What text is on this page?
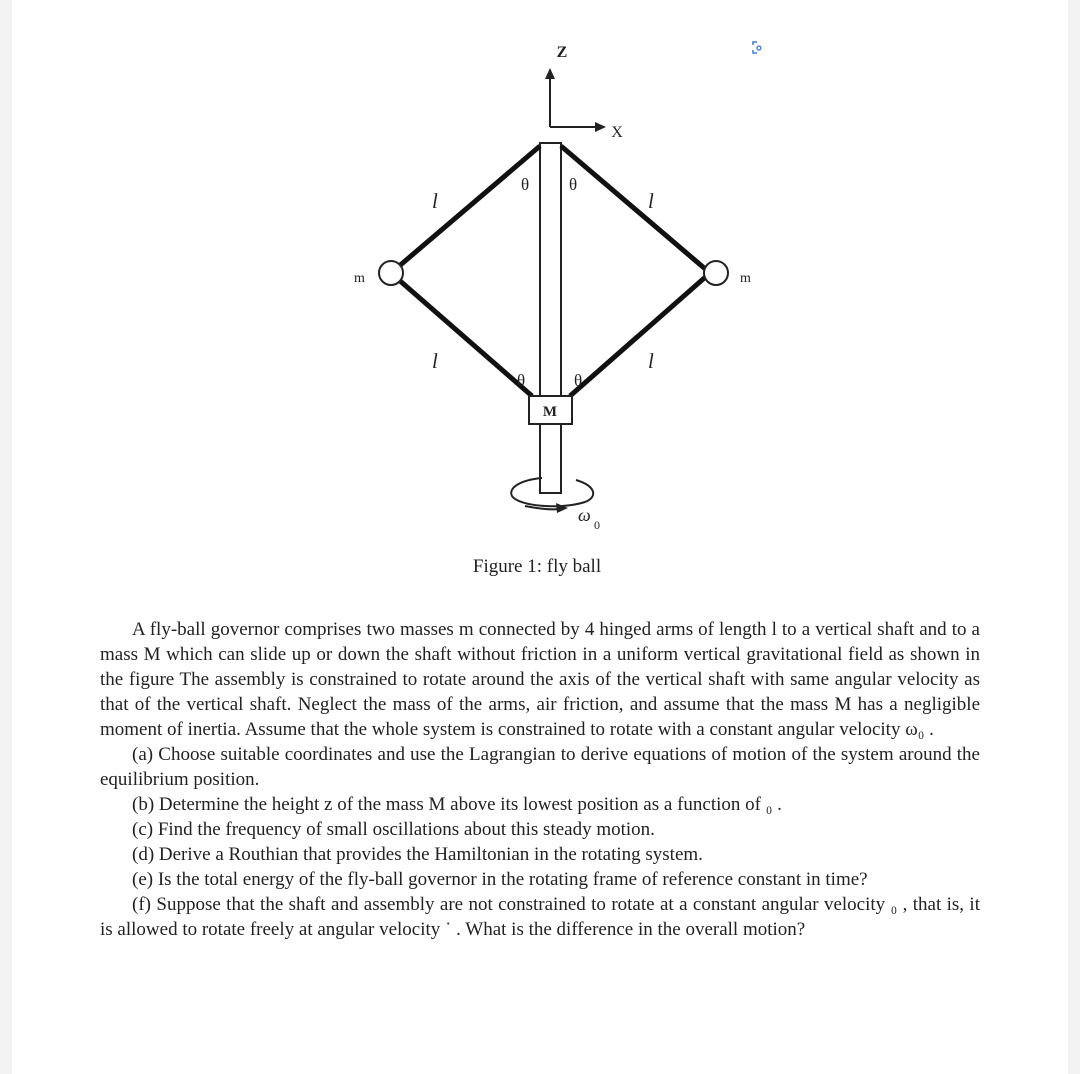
Z
X
m	m
M
l	l
l	l
θ θ
θ	θ
ω 0
Figure 1: fly ball

A fly-ball governor comprises two masses m connected by 4 hinged arms of length l to a vertical shaft and to a mass M which can slide up or down the shaft without friction in a uniform vertical gravitational field as shown in the figure The assembly is constrained to rotate around the axis of the vertical shaft with same angular velocity as that of the vertical shaft. Neglect the mass of the arms, air friction, and assume that the mass M has a negligible moment of inertia. Assume that the whole system is constrained to rotate with a constant angular velocity ω₀ .

(a) Choose suitable coordinates and use the Lagrangian to derive equations of motion of the system around the equilibrium position.

(b) Determine the height z of the mass M above its lowest position as a function of ₀ .

(c) Find the frequency of small oscillations about this steady motion.

(d) Derive a Routhian that provides the Hamiltonian in the rotating system.

(e) Is the total energy of the fly-ball governor in the rotating frame of reference constant in time?

(f) Suppose that the shaft and assembly are not constrained to rotate at a constant angular velocity ₀ , that is, it is allowed to rotate freely at angular velocity ˙ . What is the difference in the overall motion?
